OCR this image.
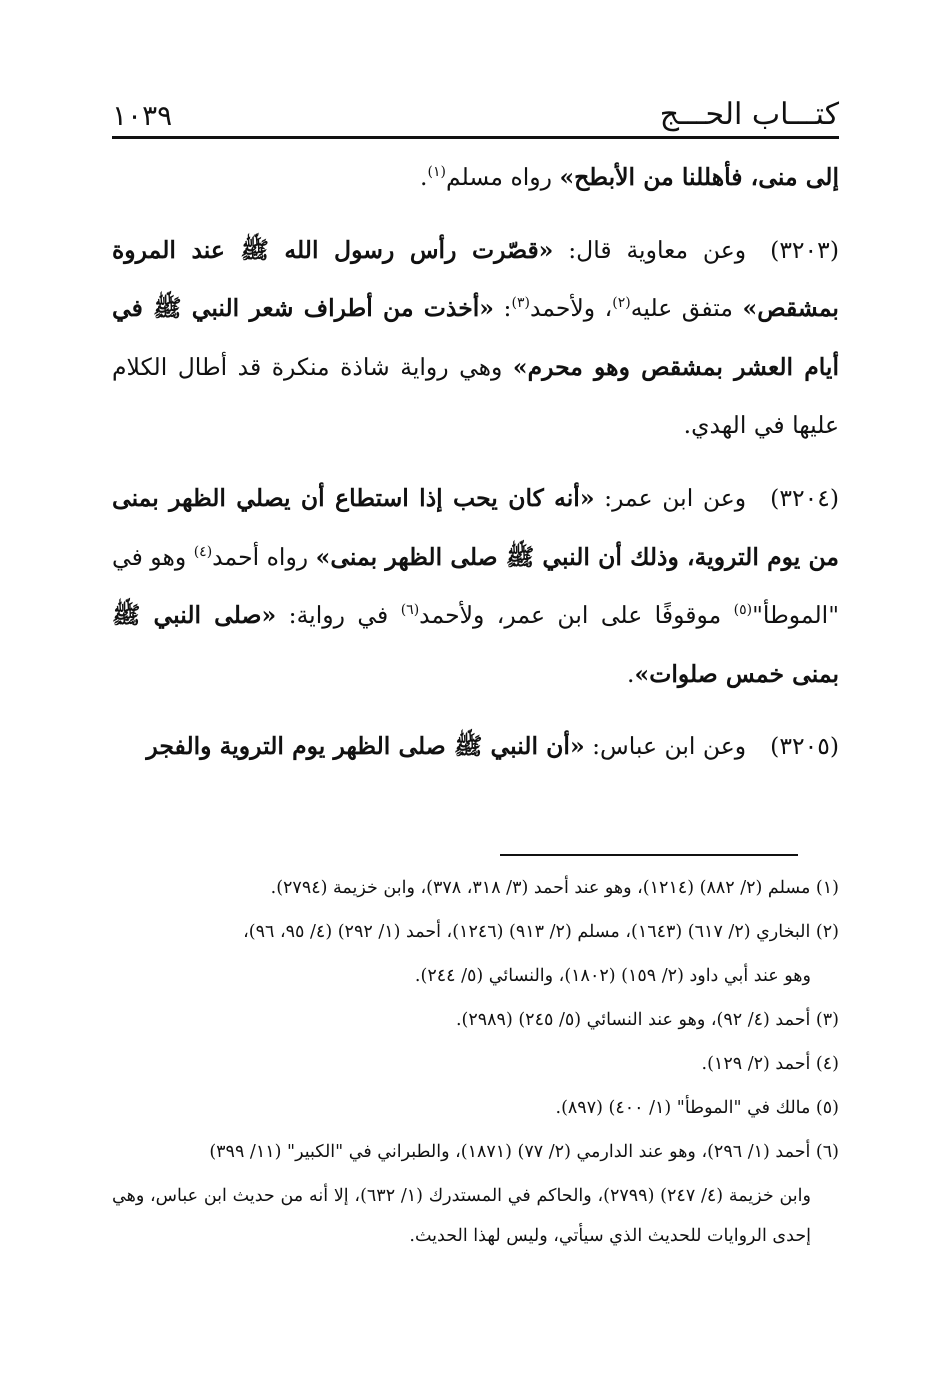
كتـــاب الحـــج
١٠٣٩

إلى منى، فأهللنا من الأبطح» رواه مسلم$^{(١)}$.

(٣٢٠٣)وعن معاوية قال: «قصّرت رأس رسول الله ﷺ عند المروة بمشقص» متفق عليه$^{(٢)}$، ولأحمد$^{(٣)}$: «أخذت من أطراف شعر النبي ﷺ في أيام العشر بمشقص وهو محرم» وهي رواية شاذة منكرة قد أطال الكلام عليها في الهدي.

(٣٢٠٤)وعن ابن عمر: «أنه كان يحب إذا استطاع أن يصلي الظهر بمنى من يوم التروية، وذلك أن النبي ﷺ صلى الظهر بمنى» رواه أحمد$^{(٤)}$ وهو في "الموطأ"$^{(٥)}$ موقوفًا على ابن عمر، ولأحمد$^{(٦)}$ في رواية: «صلى النبي ﷺ بمنى خمس صلوات».

(٣٢٠٥)وعن ابن عباس: «أن النبي ﷺ صلى الظهر يوم التروية والفجر

(١) مسلم (٢/ ٨٨٢) (١٢١٤)، وهو عند أحمد (٣/ ٣١٨، ٣٧٨)، وابن خزيمة (٢٧٩٤).
(٢) البخاري (٢/ ٦١٧) (١٦٤٣)، مسلم (٢/ ٩١٣) (١٢٤٦)، أحمد (١/ ٢٩٢) (٤/ ٩٥، ٩٦)،
وهو عند أبي داود (٢/ ١٥٩) (١٨٠٢)، والنسائي (٥/ ٢٤٤).
(٣) أحمد (٤/ ٩٢)، وهو عند النسائي (٥/ ٢٤٥) (٢٩٨٩).
(٤) أحمد (٢/ ١٢٩).
(٥) مالك في "الموطأ" (١/ ٤٠٠) (٨٩٧).
(٦) أحمد (١/ ٢٩٦)، وهو عند الدارمي (٢/ ٧٧) (١٨٧١)، والطبراني في "الكبير" (١١/ ٣٩٩)
وابن خزيمة (٤/ ٢٤٧) (٢٧٩٩)، والحاكم في المستدرك (١/ ٦٣٢)، إلا أنه من حديث ابن عباس، وهي إحدى الروايات للحديث الذي سيأتي، وليس لهذا الحديث.
